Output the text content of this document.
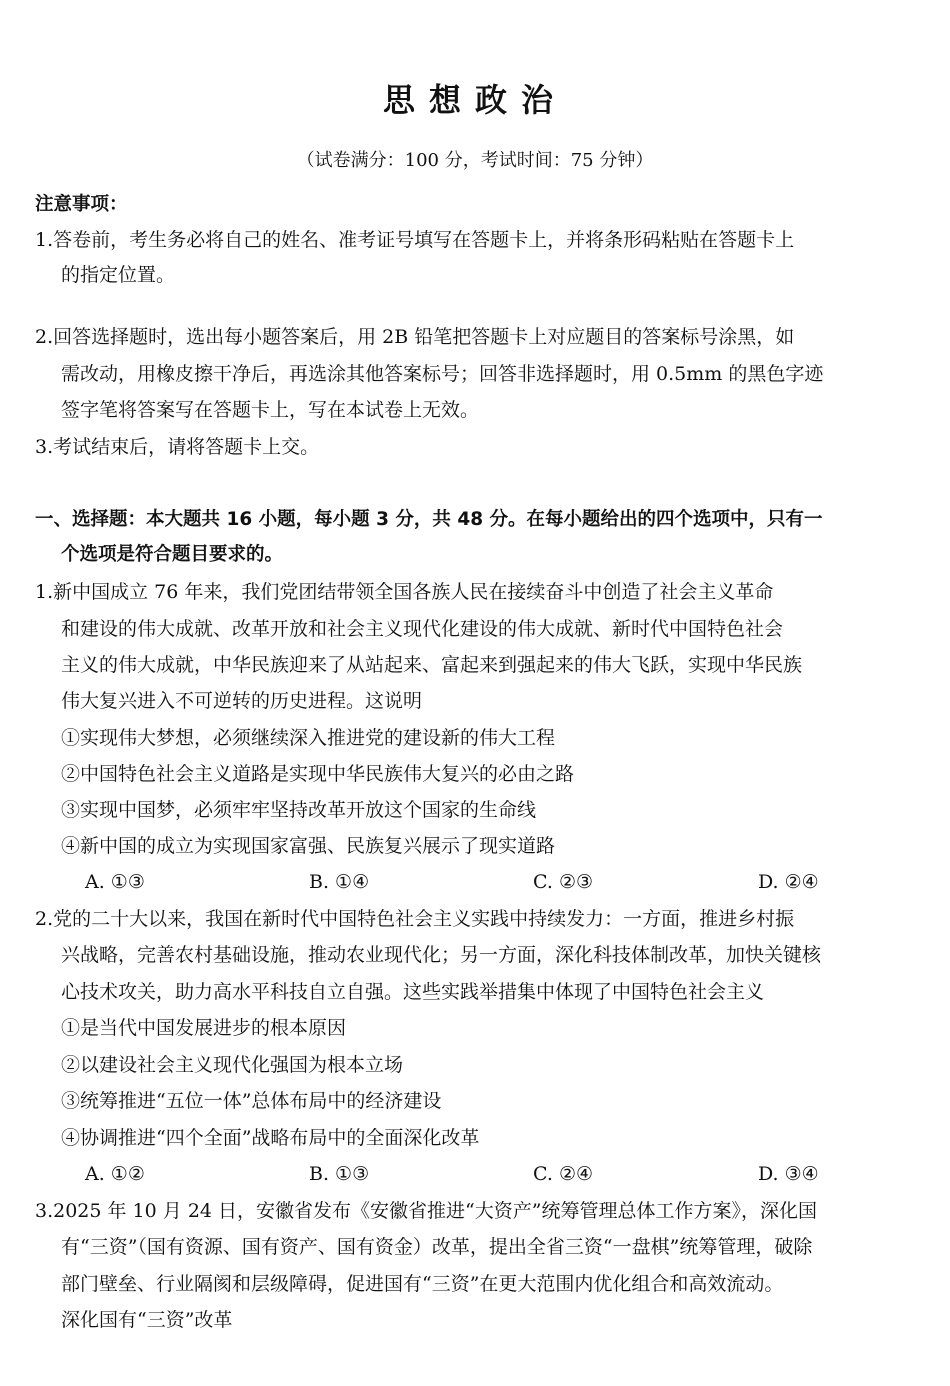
思想政治
（试卷满分：100 分，考试时间：75 分钟）
注意事项：
1.答卷前，考生务必将自己的姓名、准考证号填写在答题卡上，并将条形码粘贴在答题卡上
的指定位置。
2.回答选择题时，选出每小题答案后，用 2B 铅笔把答题卡上对应题目的答案标号涂黑，如
需改动，用橡皮擦干净后，再选涂其他答案标号；回答非选择题时，用 0.5mm 的黑色字迹
签字笔将答案写在答题卡上，写在本试卷上无效。
3.考试结束后，请将答题卡上交。
一、选择题：本大题共 16 小题，每小题 3 分，共 48 分。在每小题给出的四个选项中，只有一
个选项是符合题目要求的。
1.新中国成立 76 年来，我们党团结带领全国各族人民在接续奋斗中创造了社会主义革命
和建设的伟大成就、改革开放和社会主义现代化建设的伟大成就、新时代中国特色社会
主义的伟大成就，中华民族迎来了从站起来、富起来到强起来的伟大飞跃，实现中华民族
伟大复兴进入不可逆转的历史进程。这说明
①实现伟大梦想，必须继续深入推进党的建设新的伟大工程
②中国特色社会主义道路是实现中华民族伟大复兴的必由之路
③实现中国梦，必须牢牢坚持改革开放这个国家的生命线
④新中国的成立为实现国家富强、民族复兴展示了现实道路
A. ①③	B. ①④	C. ②③	D. ②④
2.党的二十大以来，我国在新时代中国特色社会主义实践中持续发力：一方面，推进乡村振
兴战略，完善农村基础设施，推动农业现代化；另一方面，深化科技体制改革，加快关键核
心技术攻关，助力高水平科技自立自强。这些实践举措集中体现了中国特色社会主义
①是当代中国发展进步的根本原因
②以建设社会主义现代化强国为根本立场
③统筹推进“五位一体”总体布局中的经济建设
④协调推进“四个全面”战略布局中的全面深化改革
A. ①②	B. ①③	C. ②④	D. ③④
3.2025 年 10 月 24 日，安徽省发布《安徽省推进“大资产”统筹管理总体工作方案》，深化国
有“三资”（国有资源、国有资产、国有资金）改革，提出全省三资“一盘棋”统筹管理，破除
部门壁垒、行业隔阂和层级障碍，促进国有“三资”在更大范围内优化组合和高效流动。
深化国有“三资”改革
